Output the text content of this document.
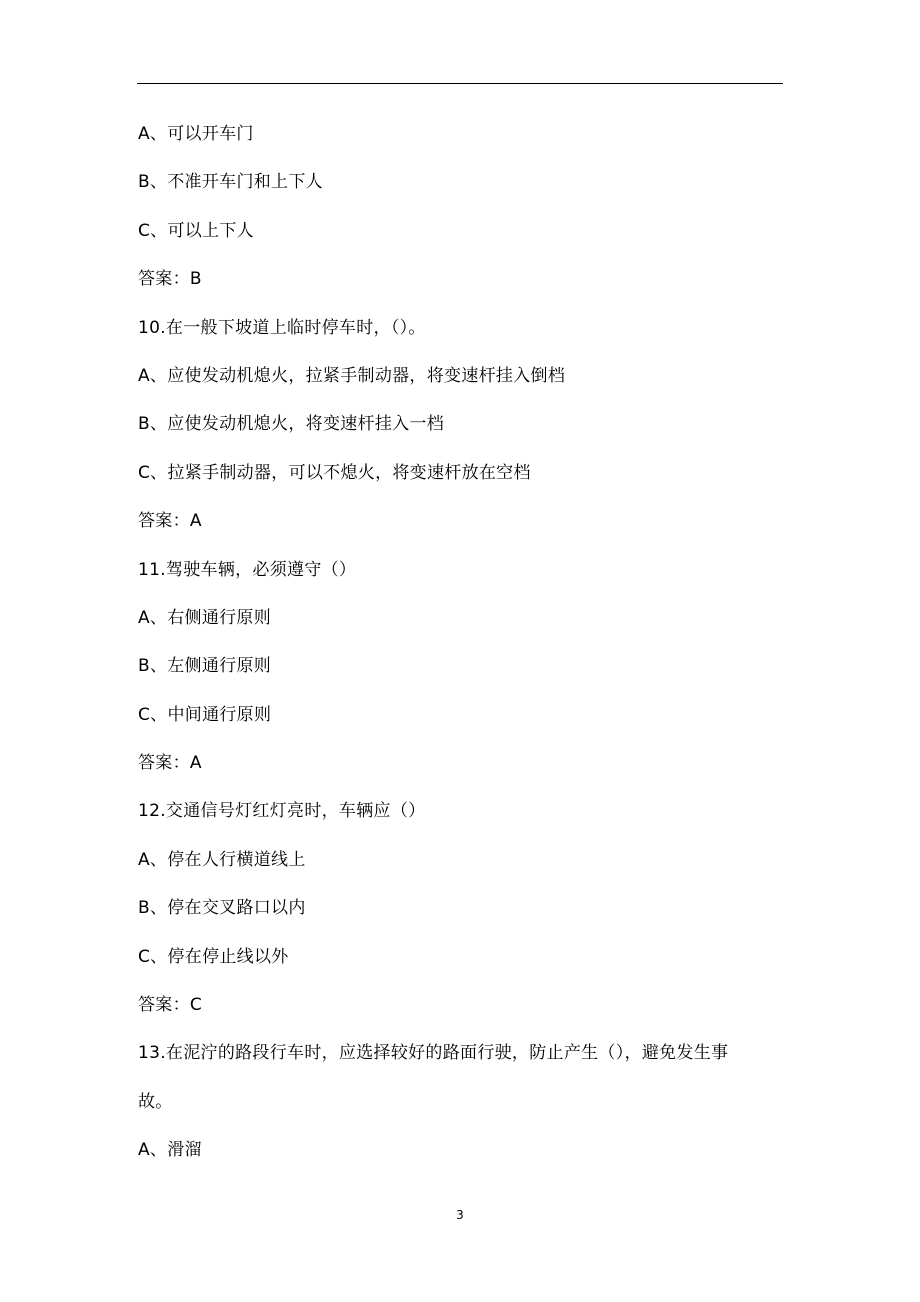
A、可以开车门
B、不准开车门和上下人
C、可以上下人
答案：B
10.在一般下坡道上临时停车时，（）。
A、应使发动机熄火，拉紧手制动器，将变速杆挂入倒档
B、应使发动机熄火，将变速杆挂入一档
C、拉紧手制动器，可以不熄火，将变速杆放在空档
答案：A
11.驾驶车辆，必须遵守（）
A、右侧通行原则
B、左侧通行原则
C、中间通行原则
答案：A
12.交通信号灯红灯亮时，车辆应（）
A、停在人行横道线上
B、停在交叉路口以内
C、停在停止线以外
答案：C
13.在泥泞的路段行车时，应选择较好的路面行驶，防止产生（），避免发生事
故。
A、滑溜
3
